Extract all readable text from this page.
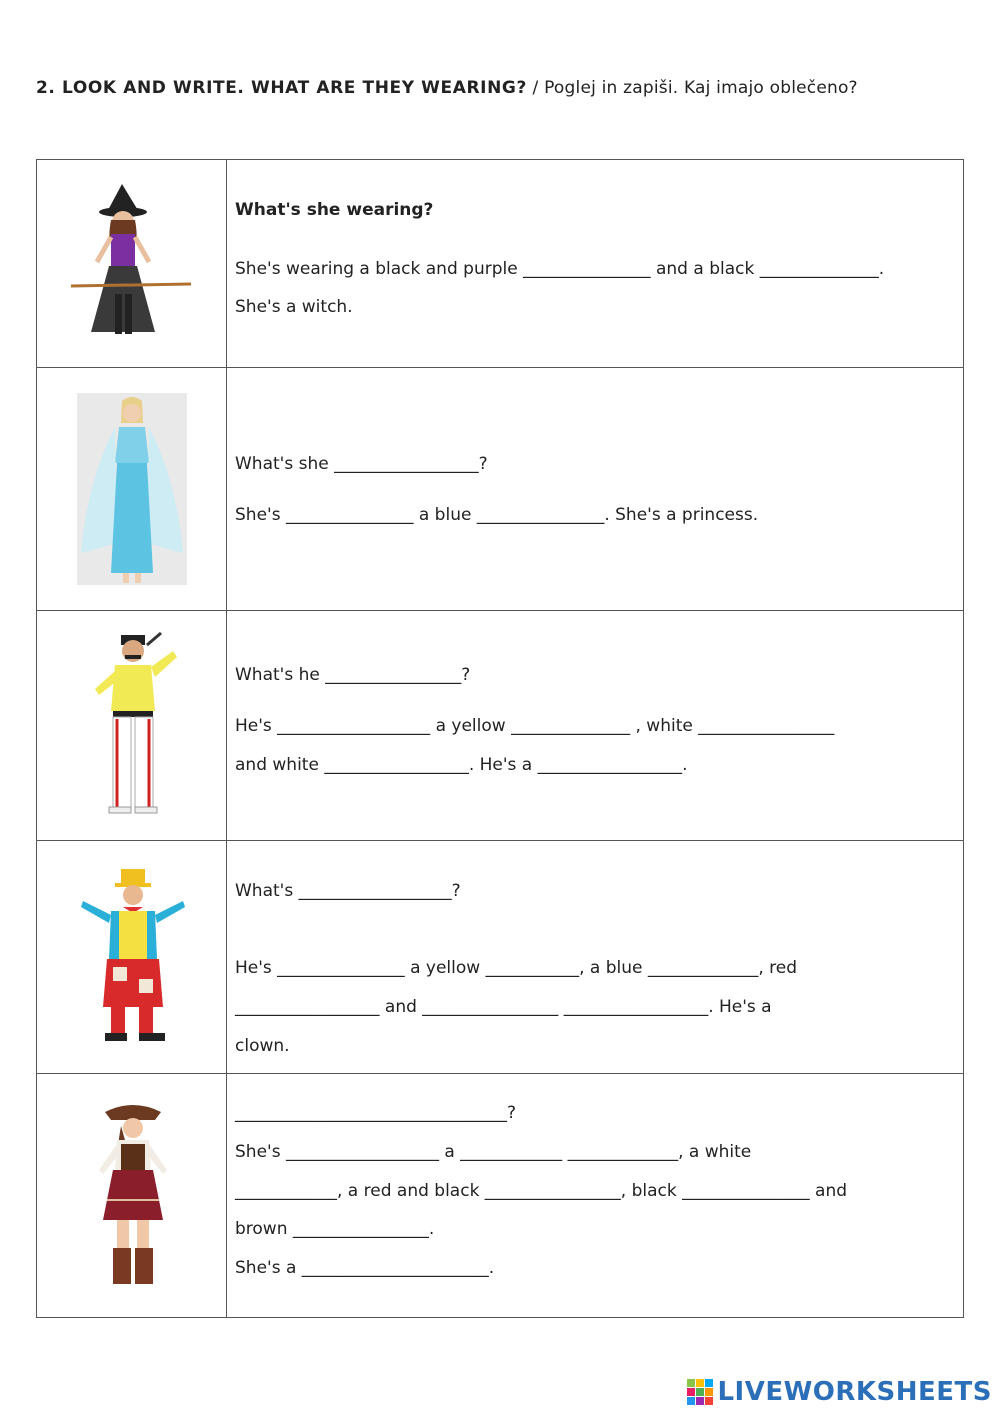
2. LOOK AND WRITE. WHAT ARE THEY WEARING? / Poglej in zapiši. Kaj imajo oblečeno?

What's she wearing?
She's wearing a black and purple _______________ and a black ______________.
She's a witch.

What's she _________________?
She's _______________ a blue _______________. She's a princess.

What's he ________________?
He's __________________ a yellow ______________ , white ________________
and white _________________. He's a _________________.

What's __________________?
He's _______________ a yellow ___________, a blue _____________, red
_________________ and ________________ _________________. He's a
clown.

________________________________?
She's __________________ a ____________ _____________, a white
____________, a red and black ________________, black _______________ and
brown ________________.
She's a ______________________.
LIVEWORKSHEETS
